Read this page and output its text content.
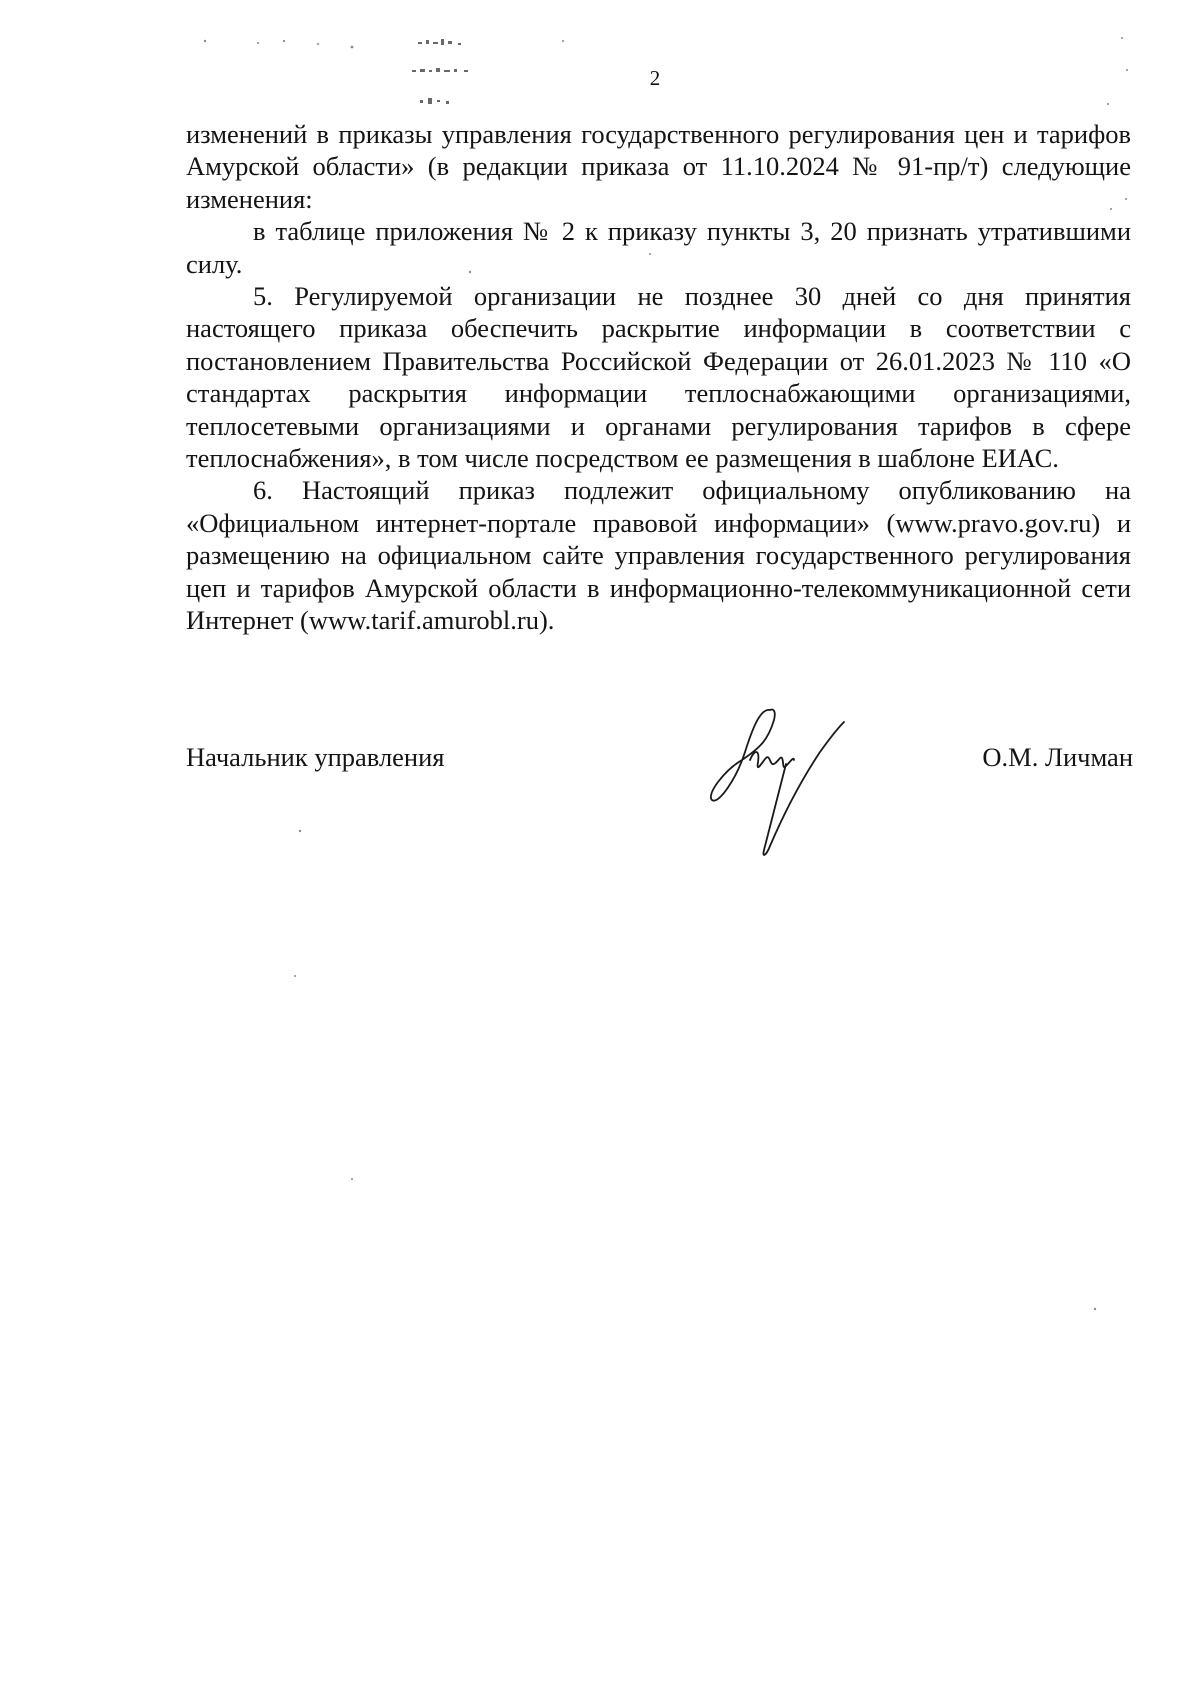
2

изменений в приказы управления государственного регулирования цен и тарифов Амурской области» (в редакции приказа от 11.10.2024 № 91-пр/т) следующие изменения:

в таблице приложения № 2 к приказу пункты 3, 20 признать утратившими силу.

5. Регулируемой организации не позднее 30 дней со дня принятия настоящего приказа обеспечить раскрытие информации в соответствии с постановлением Правительства Российской Федерации от 26.01.2023 № 110 «О стандартах раскрытия информации теплоснабжающими организациями, теплосетевыми организациями и органами регулирования тарифов в сфере теплоснабжения», в том числе посредством ее размещения в шаблоне ЕИАС.

6. Настоящий приказ подлежит официальному опубликованию на «Официальном интернет-портале правовой информации» (www.pravo.gov.ru) и размещению на официальном сайте управления государственного регулирования цеп и тарифов Амурской области в информационно-телекоммуникационной сети Интернет (www.tarif.amurobl.ru).

Начальник управления	О.М. Личман
